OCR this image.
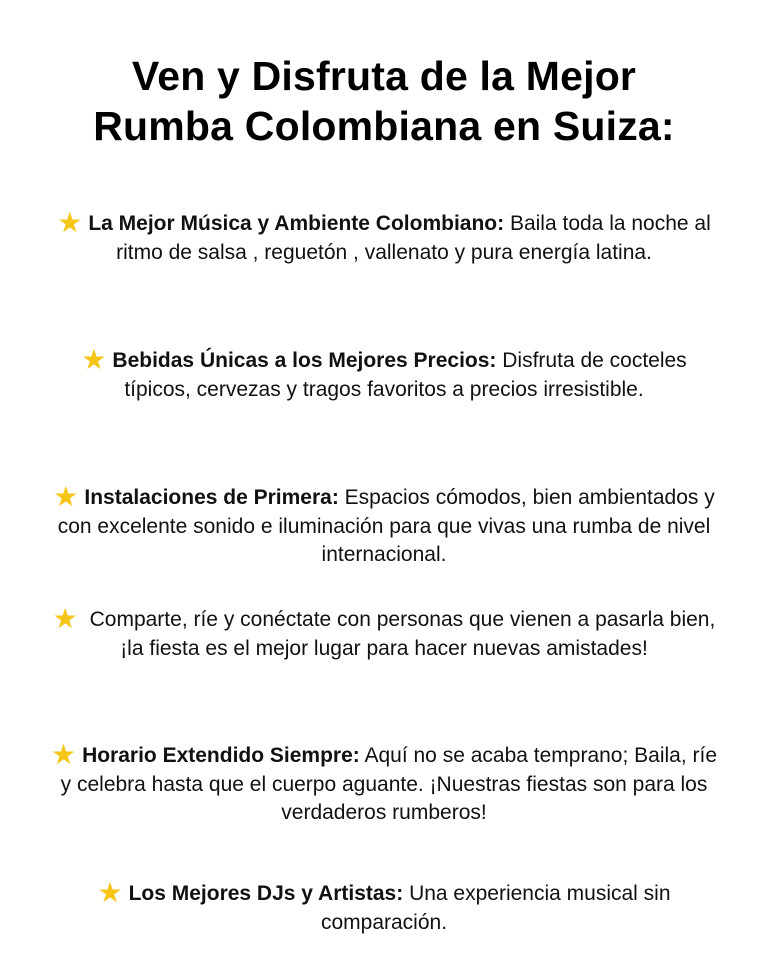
Ven y Disfruta de la Mejor
Rumba Colombiana en Suiza:

★ La Mejor Música y Ambiente Colombiano: Baila toda la noche al ritmo de salsa , reguetón , vallenato y pura energía latina.

★ Bebidas Únicas a los Mejores Precios: Disfruta de cocteles típicos, cervezas y tragos favoritos a precios irresistible.

★ Instalaciones de Primera: Espacios cómodos, bien ambientados y con excelente sonido e iluminación para que vivas una rumba de nivel internacional.

★ Comparte, ríe y conéctate con personas que vienen a pasarla bien, ¡la fiesta es el mejor lugar para hacer nuevas amistades!

★ Horario Extendido Siempre: Aquí no se acaba temprano; Baila, ríe y celebra hasta que el cuerpo aguante. ¡Nuestras fiestas son para los verdaderos rumberos!

★ Los Mejores DJs y Artistas: Una experiencia musical sin comparación.
